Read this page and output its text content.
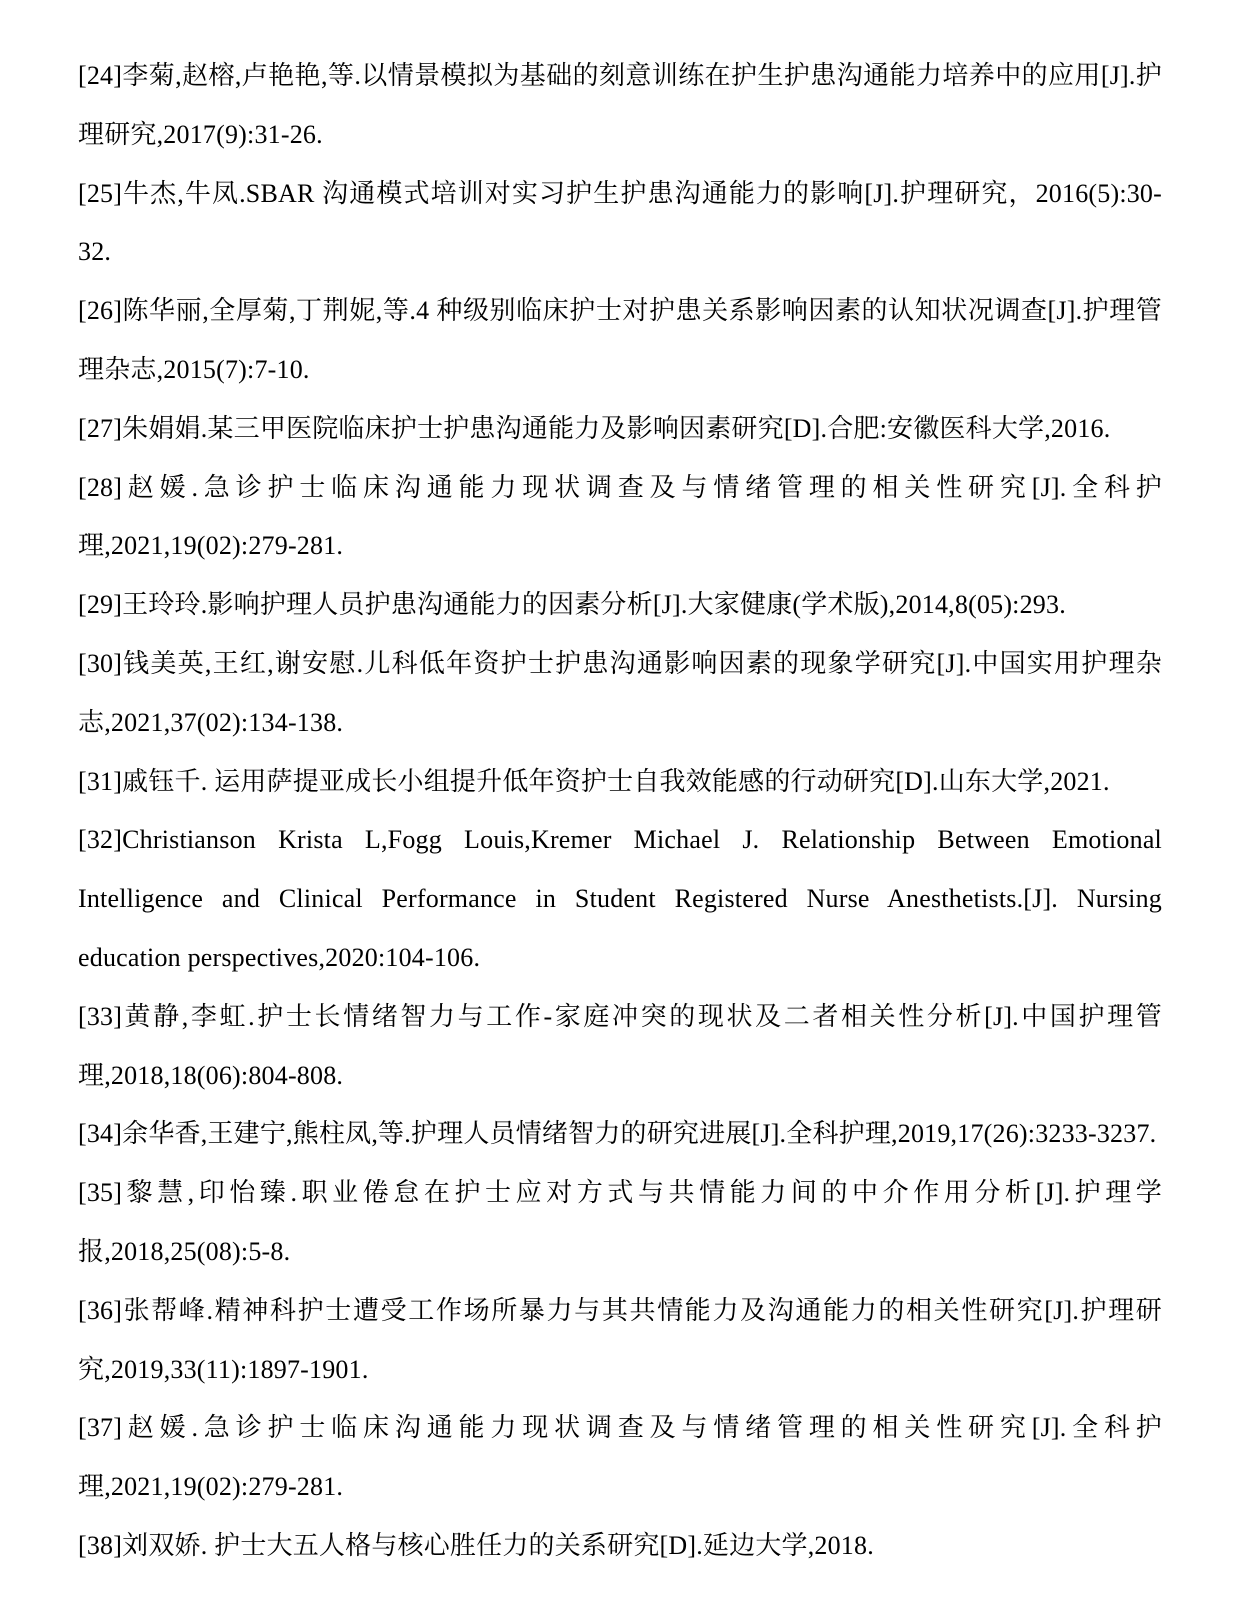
[24]李菊,赵榕,卢艳艳,等.以情景模拟为基础的刻意训练在护生护患沟通能力培养中的应用[J].护理研究,2017(9):31-26.

[25]牛杰,牛凤.SBAR 沟通模式培训对实习护生护患沟通能力的影响[J].护理研究，2016(5):30-32.

[26]陈华丽,全厚菊,丁荆妮,等.4 种级别临床护士对护患关系影响因素的认知状况调查[J].护理管理杂志,2015(7):7-10.

[27]朱娟娟.某三甲医院临床护士护患沟通能力及影响因素研究[D].合肥:安徽医科大学,2016.

[28]赵媛.急诊护士临床沟通能力现状调查及与情绪管理的相关性研究[J].全科护理,2021,19(02):279-281.

[29]王玲玲.影响护理人员护患沟通能力的因素分析[J].大家健康(学术版),2014,8(05):293.

[30]钱美英,王红,谢安慰.儿科低年资护士护患沟通影响因素的现象学研究[J].中国实用护理杂志,2021,37(02):134-138.

[31]戚钰千. 运用萨提亚成长小组提升低年资护士自我效能感的行动研究[D].山东大学,2021.

[32]Christianson Krista L,Fogg Louis,Kremer Michael J. Relationship Between Emotional Intelligence and Clinical Performance in Student Registered Nurse Anesthetists.[J]. Nursing education perspectives,2020:104-106.

[33]黄静,李虹.护士长情绪智力与工作-家庭冲突的现状及二者相关性分析[J].中国护理管理,2018,18(06):804-808.

[34]余华香,王建宁,熊柱凤,等.护理人员情绪智力的研究进展[J].全科护理,2019,17(26):3233-3237.

[35]黎慧,印怡臻.职业倦怠在护士应对方式与共情能力间的中介作用分析[J].护理学报,2018,25(08):5-8.

[36]张帮峰.精神科护士遭受工作场所暴力与其共情能力及沟通能力的相关性研究[J].护理研究,2019,33(11):1897-1901.

[37]赵媛.急诊护士临床沟通能力现状调查及与情绪管理的相关性研究[J].全科护理,2021,19(02):279-281.

[38]刘双娇. 护士大五人格与核心胜任力的关系研究[D].延边大学,2018.
